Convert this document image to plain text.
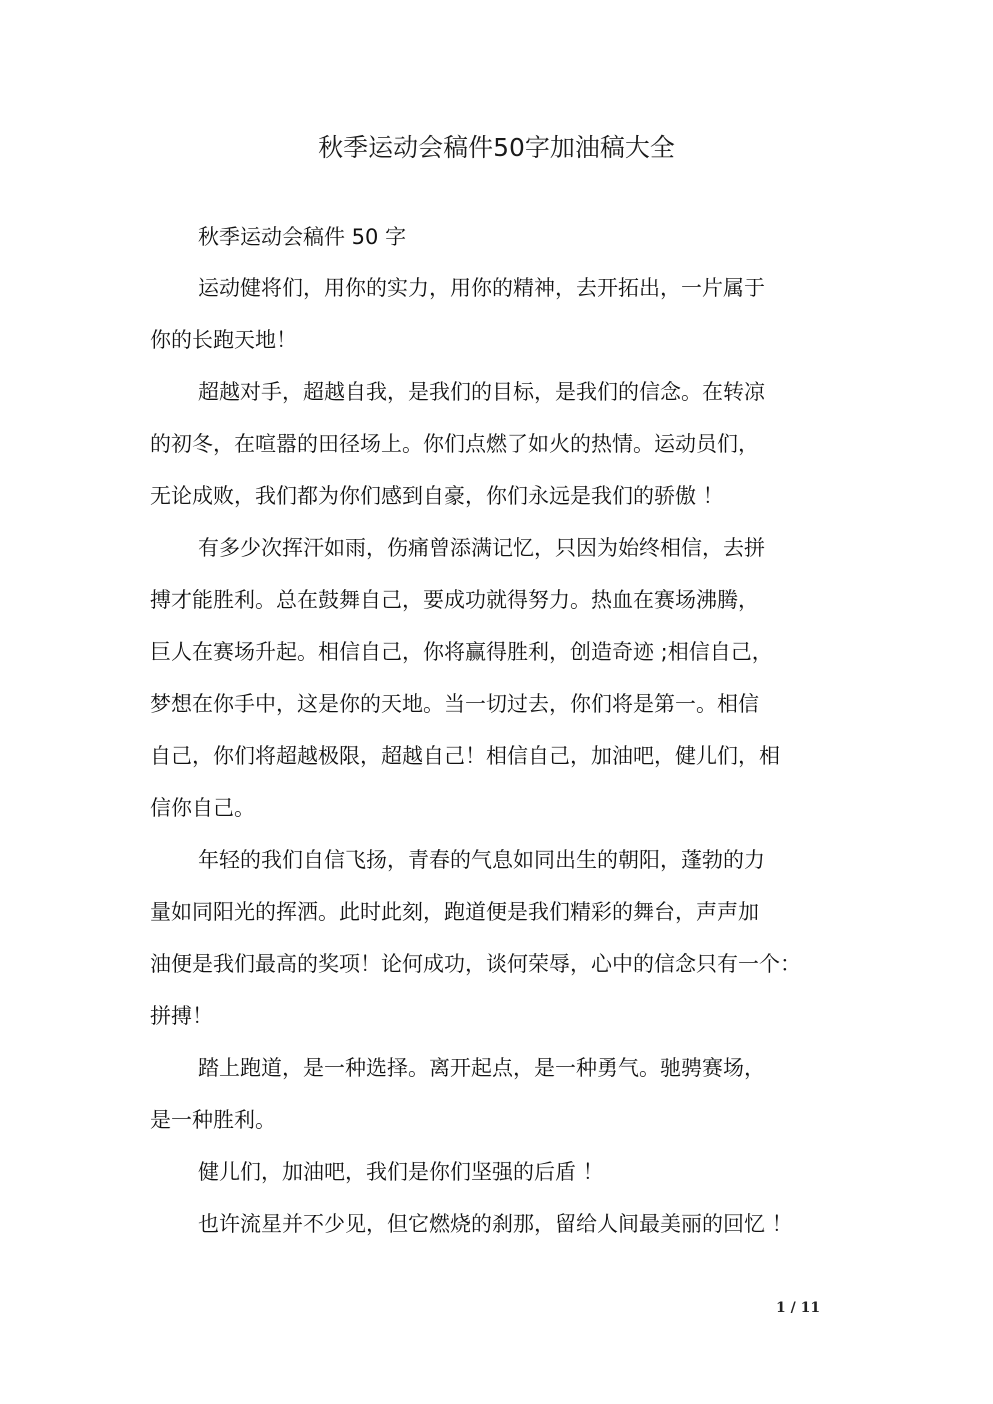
秋季运动会稿件50字加油稿大全
秋季运动会稿件 50 字
运动健将们，用你的实力，用你的精神，去开拓出，一片属于
你的长跑天地！
超越对手，超越自我，是我们的目标，是我们的信念。在转凉
的初冬，在喧嚣的田径场上。你们点燃了如火的热情。运动员们，
无论成败，我们都为你们感到自豪，你们永远是我们的骄傲 ！
有多少次挥汗如雨，伤痛曾添满记忆，只因为始终相信，去拼
搏才能胜利。总在鼓舞自己，要成功就得努力。热血在赛场沸腾，
巨人在赛场升起。相信自己，你将赢得胜利，创造奇迹 ;相信自己，
梦想在你手中，这是你的天地。当一切过去，你们将是第一。相信
自己，你们将超越极限，超越自己！相信自己，加油吧，健儿们，相
信你自己。
年轻的我们自信飞扬，青春的气息如同出生的朝阳，蓬勃的力
量如同阳光的挥洒。此时此刻，跑道便是我们精彩的舞台，声声加
油便是我们最高的奖项！论何成功，谈何荣辱，心中的信念只有一个：
拼搏！
踏上跑道，是一种选择。离开起点，是一种勇气。驰骋赛场，
是一种胜利。
健儿们，加油吧，我们是你们坚强的后盾 ！
也许流星并不少见，但它燃烧的刹那，留给人间最美丽的回忆 ！
1 / 11
